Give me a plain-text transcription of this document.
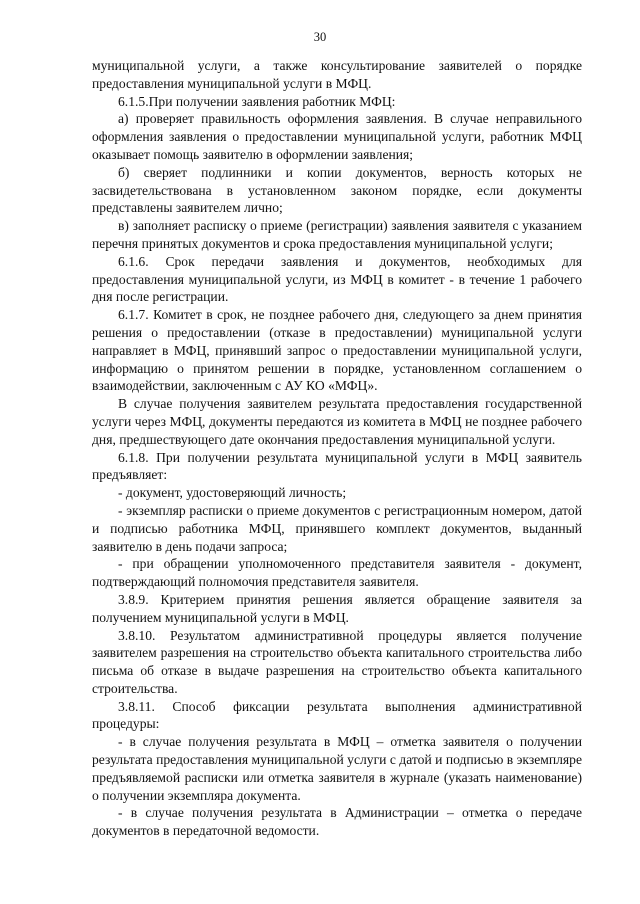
30

муниципальной услуги, а также консультирование заявителей о порядке предоставления муниципальной услуги в МФЦ.

6.1.5.При получении заявления работник МФЦ:

а) проверяет правильность оформления заявления. В случае неправильного оформления заявления о предоставлении муниципальной услуги, работник МФЦ оказывает помощь заявителю в оформлении заявления;

б) сверяет подлинники и копии документов, верность которых не засвидетельствована в установленном законом порядке, если документы представлены заявителем лично;

в) заполняет расписку о приеме (регистрации) заявления заявителя с указанием перечня принятых документов и срока предоставления муниципальной услуги;

6.1.6. Срок передачи заявления и документов, необходимых для предоставления муниципальной услуги, из МФЦ в комитет - в течение 1 рабочего дня после регистрации.

6.1.7. Комитет в срок, не позднее рабочего дня, следующего за днем принятия решения о предоставлении (отказе в предоставлении) муниципальной услуги направляет в МФЦ, принявший запрос о предоставлении муниципальной услуги, информацию о принятом решении в порядке, установленном соглашением о взаимодействии, заключенным с АУ КО «МФЦ».

В случае получения заявителем результата предоставления государственной услуги через МФЦ, документы передаются из комитета в МФЦ не позднее рабочего дня, предшествующего дате окончания предоставления муниципальной услуги.

6.1.8. При получении результата муниципальной услуги в МФЦ заявитель предъявляет:

- документ, удостоверяющий личность;

- экземпляр расписки о приеме документов с регистрационным номером, датой и подписью работника МФЦ, принявшего комплект документов, выданный заявителю в день подачи запроса;

- при обращении уполномоченного представителя заявителя - документ, подтверждающий полномочия представителя заявителя.

3.8.9. Критерием принятия решения является обращение заявителя за получением муниципальной услуги в МФЦ.

3.8.10. Результатом административной процедуры является получение заявителем разрешения на строительство объекта капитального строительства либо письма об отказе в выдаче разрешения на строительство объекта капитального строительства.

3.8.11. Способ фиксации результата выполнения административной процедуры:

- в случае получения результата в МФЦ – отметка заявителя о получении результата предоставления муниципальной услуги с датой и подписью в экземпляре предъявляемой расписки или отметка заявителя в журнале (указать наименование) о получении экземпляра документа.

- в случае получения результата в Администрации – отметка о передаче документов в передаточной ведомости.
